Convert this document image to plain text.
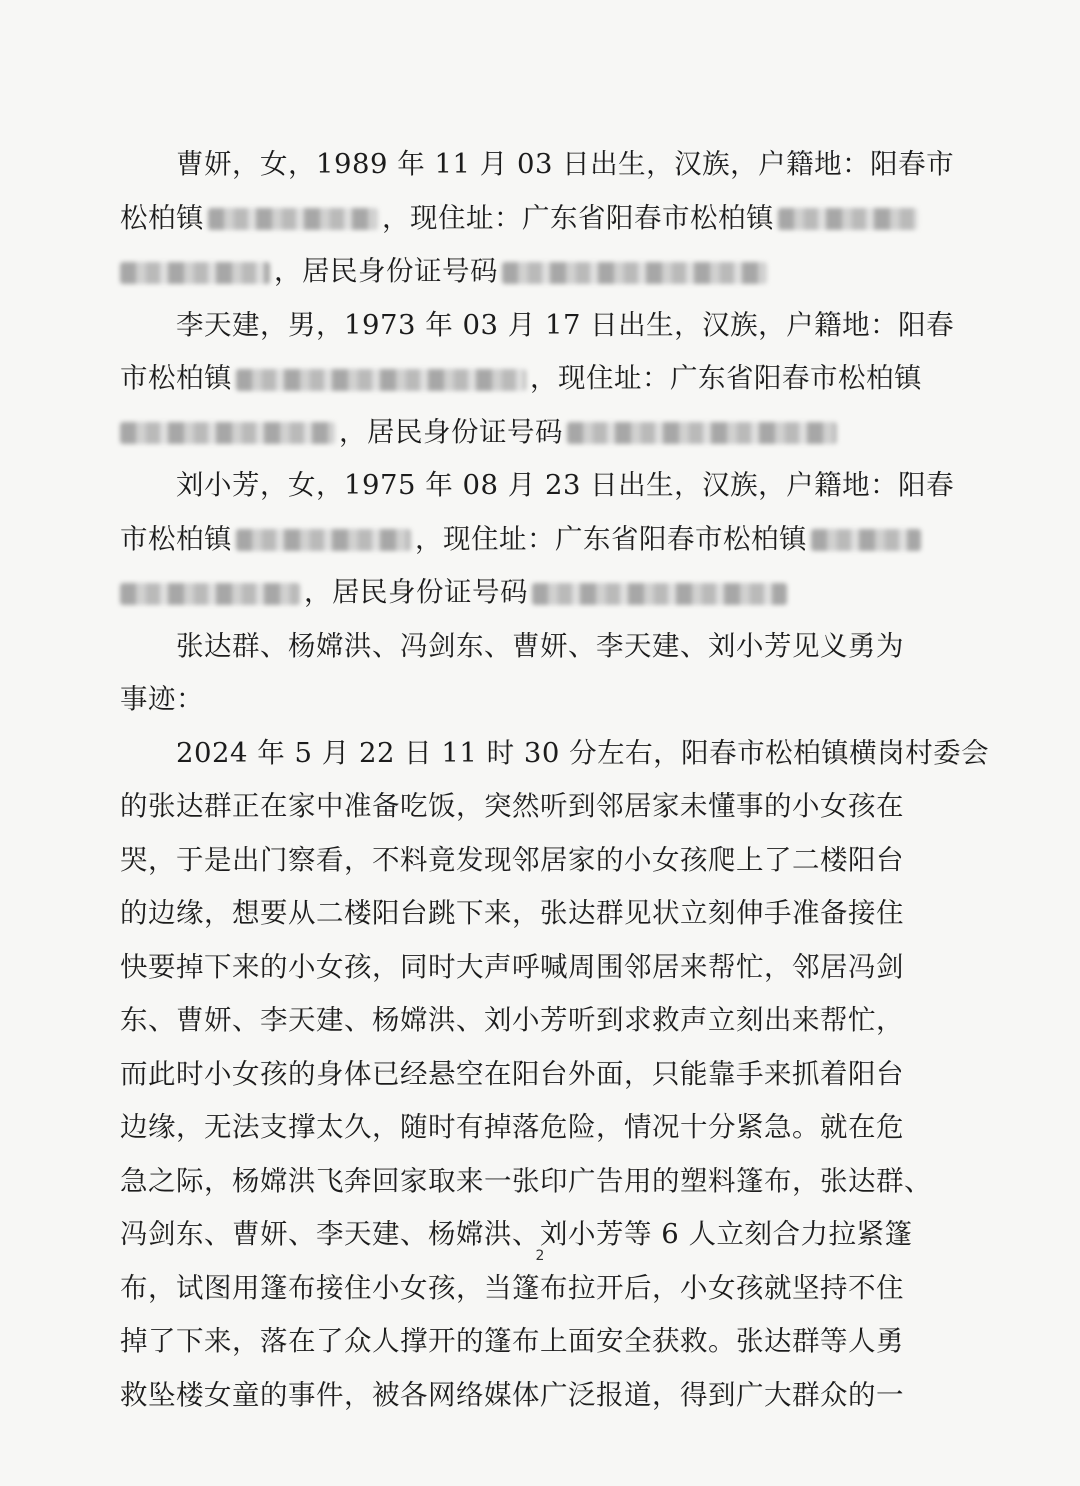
曹妍，女，1989 年 11 月 03 日出生，汉族，户籍地：阳春市
松柏镇	，现住址：广东省阳春市松柏镇
，居民身份证号码
李天建，男，1973 年 03 月 17 日出生，汉族，户籍地：阳春
市松柏镇	，现住址：广东省阳春市松柏镇
，居民身份证号码
刘小芳，女，1975 年 08 月 23 日出生，汉族，户籍地：阳春
市松柏镇	，现住址：广东省阳春市松柏镇
，居民身份证号码
张达群、杨嫦洪、冯剑东、曹妍、李天建、刘小芳见义勇为
事迹：
2024 年 5 月 22 日 11 时 30 分左右，阳春市松柏镇横岗村委会
的张达群正在家中准备吃饭，突然听到邻居家未懂事的小女孩在
哭，于是出门察看，不料竟发现邻居家的小女孩爬上了二楼阳台
的边缘，想要从二楼阳台跳下来，张达群见状立刻伸手准备接住
快要掉下来的小女孩，同时大声呼喊周围邻居来帮忙，邻居冯剑
东、曹妍、李天建、杨嫦洪、刘小芳听到求救声立刻出来帮忙，
而此时小女孩的身体已经悬空在阳台外面，只能靠手来抓着阳台
边缘，无法支撑太久，随时有掉落危险，情况十分紧急。就在危
急之际，杨嫦洪飞奔回家取来一张印广告用的塑料篷布，张达群、
冯剑东、曹妍、李天建、杨嫦洪、刘小芳等 6 人立刻合力拉紧篷
布，试图用篷布接住小女孩，当篷布拉开后，小女孩就坚持不住
掉了下来，落在了众人撑开的篷布上面安全获救。张达群等人勇
救坠楼女童的事件，被各网络媒体广泛报道，得到广大群众的一
2
